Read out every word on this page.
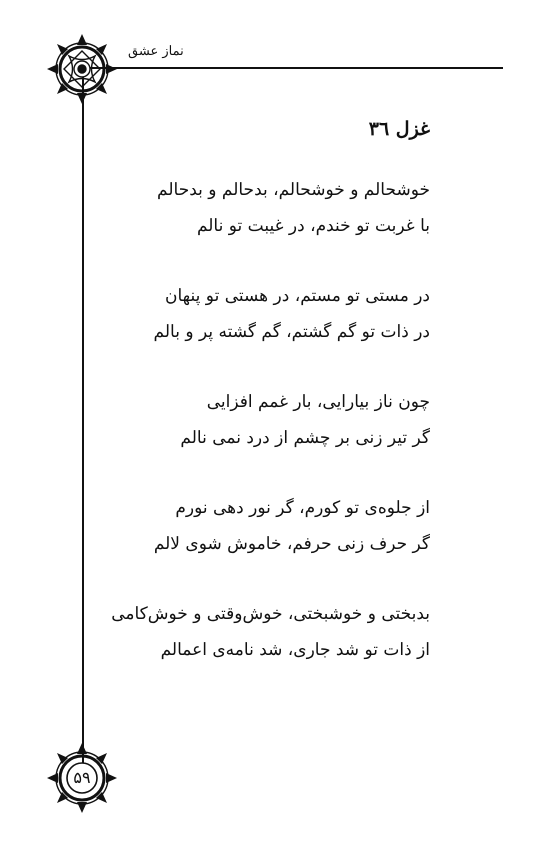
نماز عشق
غزل ۳٦
خوشحالم و خوشحالم، بدحالم و بدحالم
با غربت تو خندم، در غیبت تو نالم
در مستی تو مستم، در هستی تو پنهان
در ذات تو گم گشتم، گم گشته پر و بالم
چون ناز بیارایی، بار غمم افزایی
گر تیر زنی بر چشم از درد نمی نالم
از جلوه‌ی تو کورم، گر نور دهی نورم
گر حرف زنی حرفم، خاموش شوی لالم
بدبختی و خوشبختی، خوش‌وقتی و خوش‌کامی
از ذات تو شد جاری، شد نامه‌ی اعمالم
۵۹
